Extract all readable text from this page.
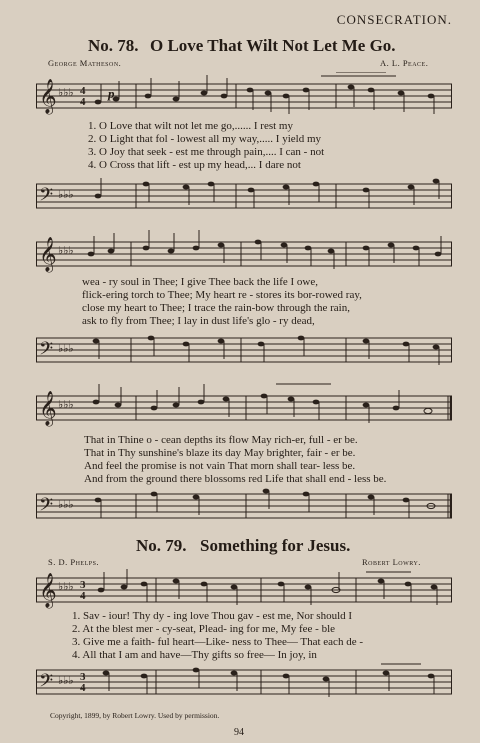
CONSECRATION.
No. 78. O Love That Wilt Not Let Me Go.
George Matheson.	A. L. Peace.
𝄞 ♭♭♭ 4
4
p
1. O Love that wilt not let me go,...... I rest my
2. O Light that fol - lowest all my way,..... I yield my
3. O Joy that seek - est me through pain,.... I can - not
4. O Cross that lift - est up my head,... I dare not
𝄢 ♭♭♭
𝄞 ♭♭♭
wea - ry soul in Thee; I give Thee back the life I owe,
flick-ering torch to Thee; My heart re - stores its bor-rowed ray,
close my heart to Thee; I trace the rain-bow through the rain,
ask to fly from Thee; I lay in dust life's glo - ry dead,
𝄢 ♭♭♭
𝄞 ♭♭♭
That in Thine o - cean depths its flow May rich-er, full - er be.
That in Thy sunshine's blaze its day May brighter, fair - er be.
And feel the promise is not vain That morn shall tear- less be.
And from the ground there blossoms red Life that shall end - less be.
𝄢 ♭♭♭
No. 79. Something for Jesus.
S. D. Phelps.	Robert Lowry.
𝄞 ♭♭♭ 3
4
1. Sav - iour! Thy dy - ing love Thou gav - est me, Nor should I
2. At the blest mer - cy-seat, Plead- ing for me, My fee - ble
3. Give me a faith- ful heart—Like- ness to Thee— That each de -
4. All that I am and have—Thy gifts so free— In joy, in
𝄢 ♭♭♭ 3
4
Copyright, 1899, by Robert Lowry. Used by permission.
94
